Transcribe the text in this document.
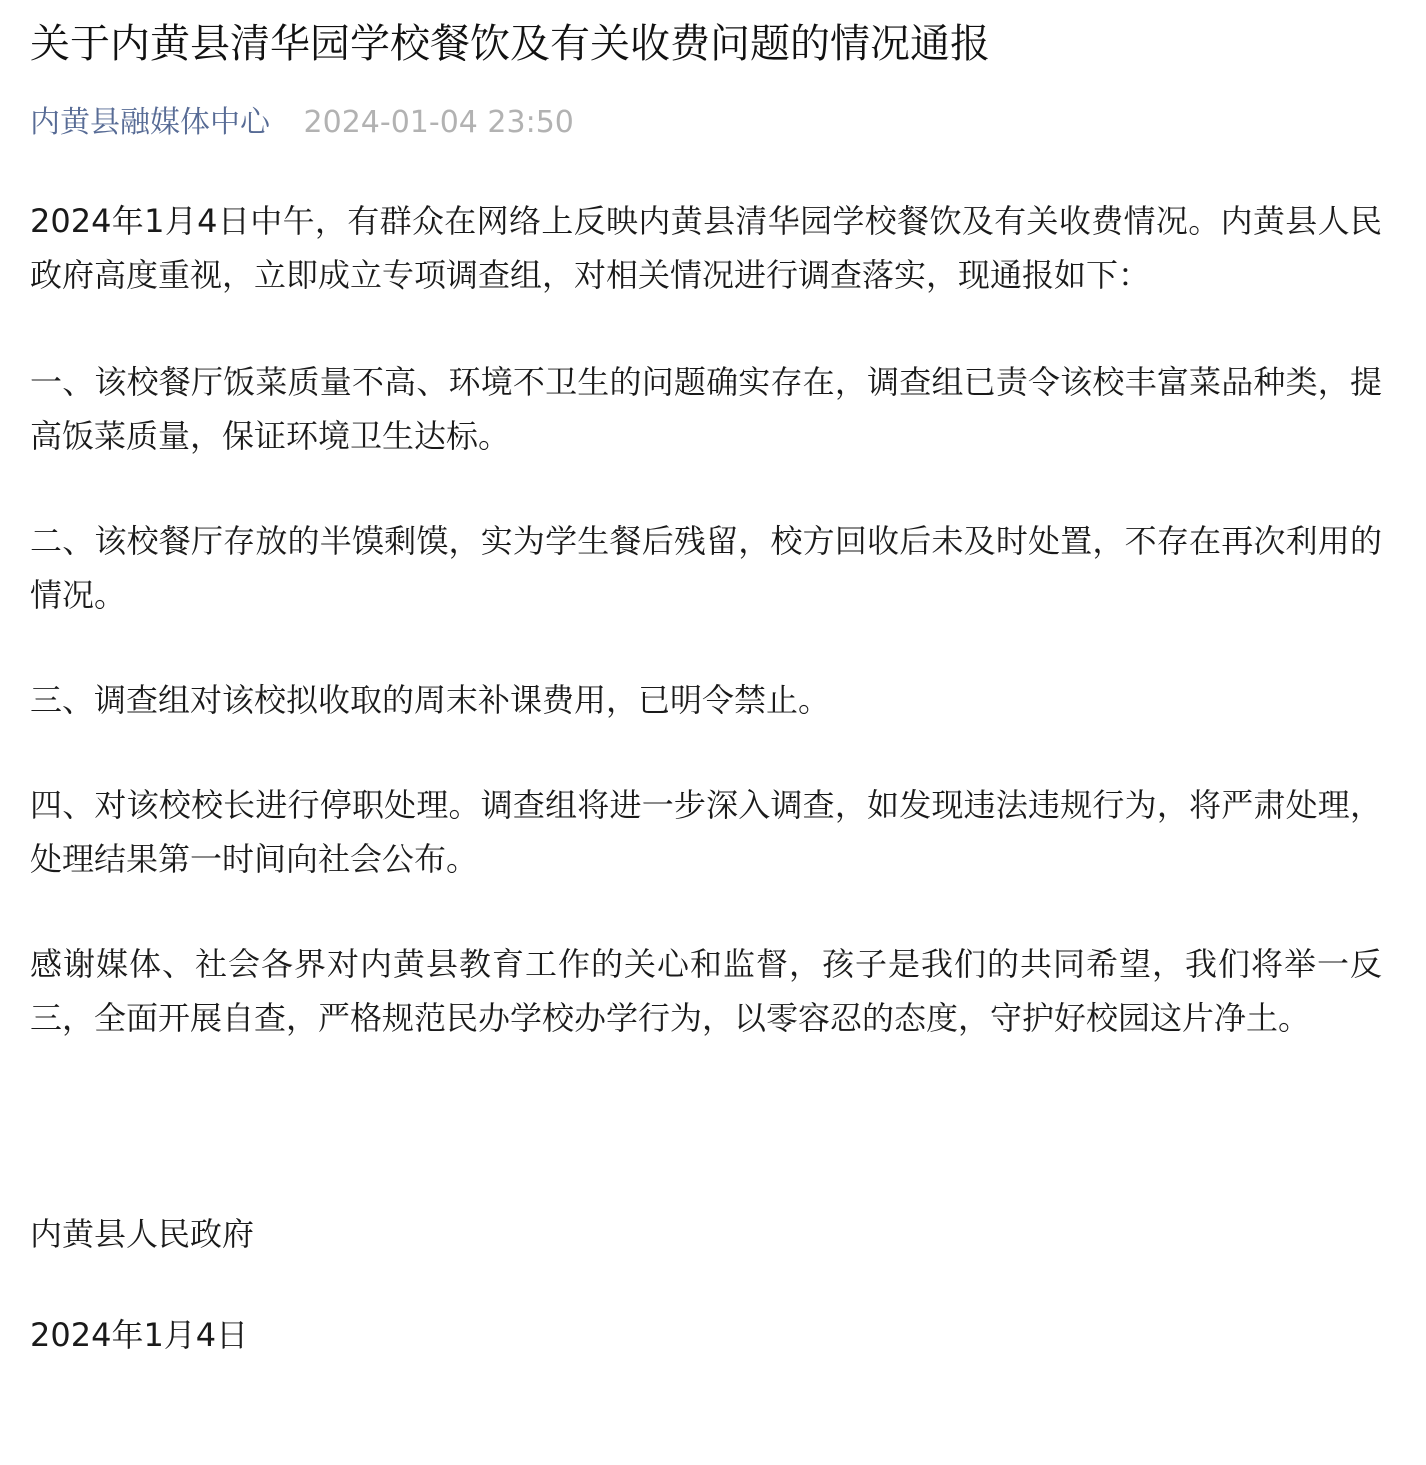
关于内黄县清华园学校餐饮及有关收费问题的情况通报
内黄县融媒体中心 2024-01-04 23:50

2024年1月4日中午，有群众在网络上反映内黄县清华园学校餐饮及有关收费情况。内黄县人民政府高度重视，立即成立专项调查组，对相关情况进行调查落实，现通报如下：

一、该校餐厅饭菜质量不高、环境不卫生的问题确实存在，调查组已责令该校丰富菜品种类，提高饭菜质量，保证环境卫生达标。

二、该校餐厅存放的半馍剩馍，实为学生餐后残留，校方回收后未及时处置，不存在再次利用的情况。

三、调查组对该校拟收取的周末补课费用，已明令禁止。

四、对该校校长进行停职处理。调查组将进一步深入调查，如发现违法违规行为，将严肃处理，处理结果第一时间向社会公布。

感谢媒体、社会各界对内黄县教育工作的关心和监督，孩子是我们的共同希望，我们将举一反三，全面开展自查，严格规范民办学校办学行为，以零容忍的态度，守护好校园这片净土。

内黄县人民政府

2024年1月4日
